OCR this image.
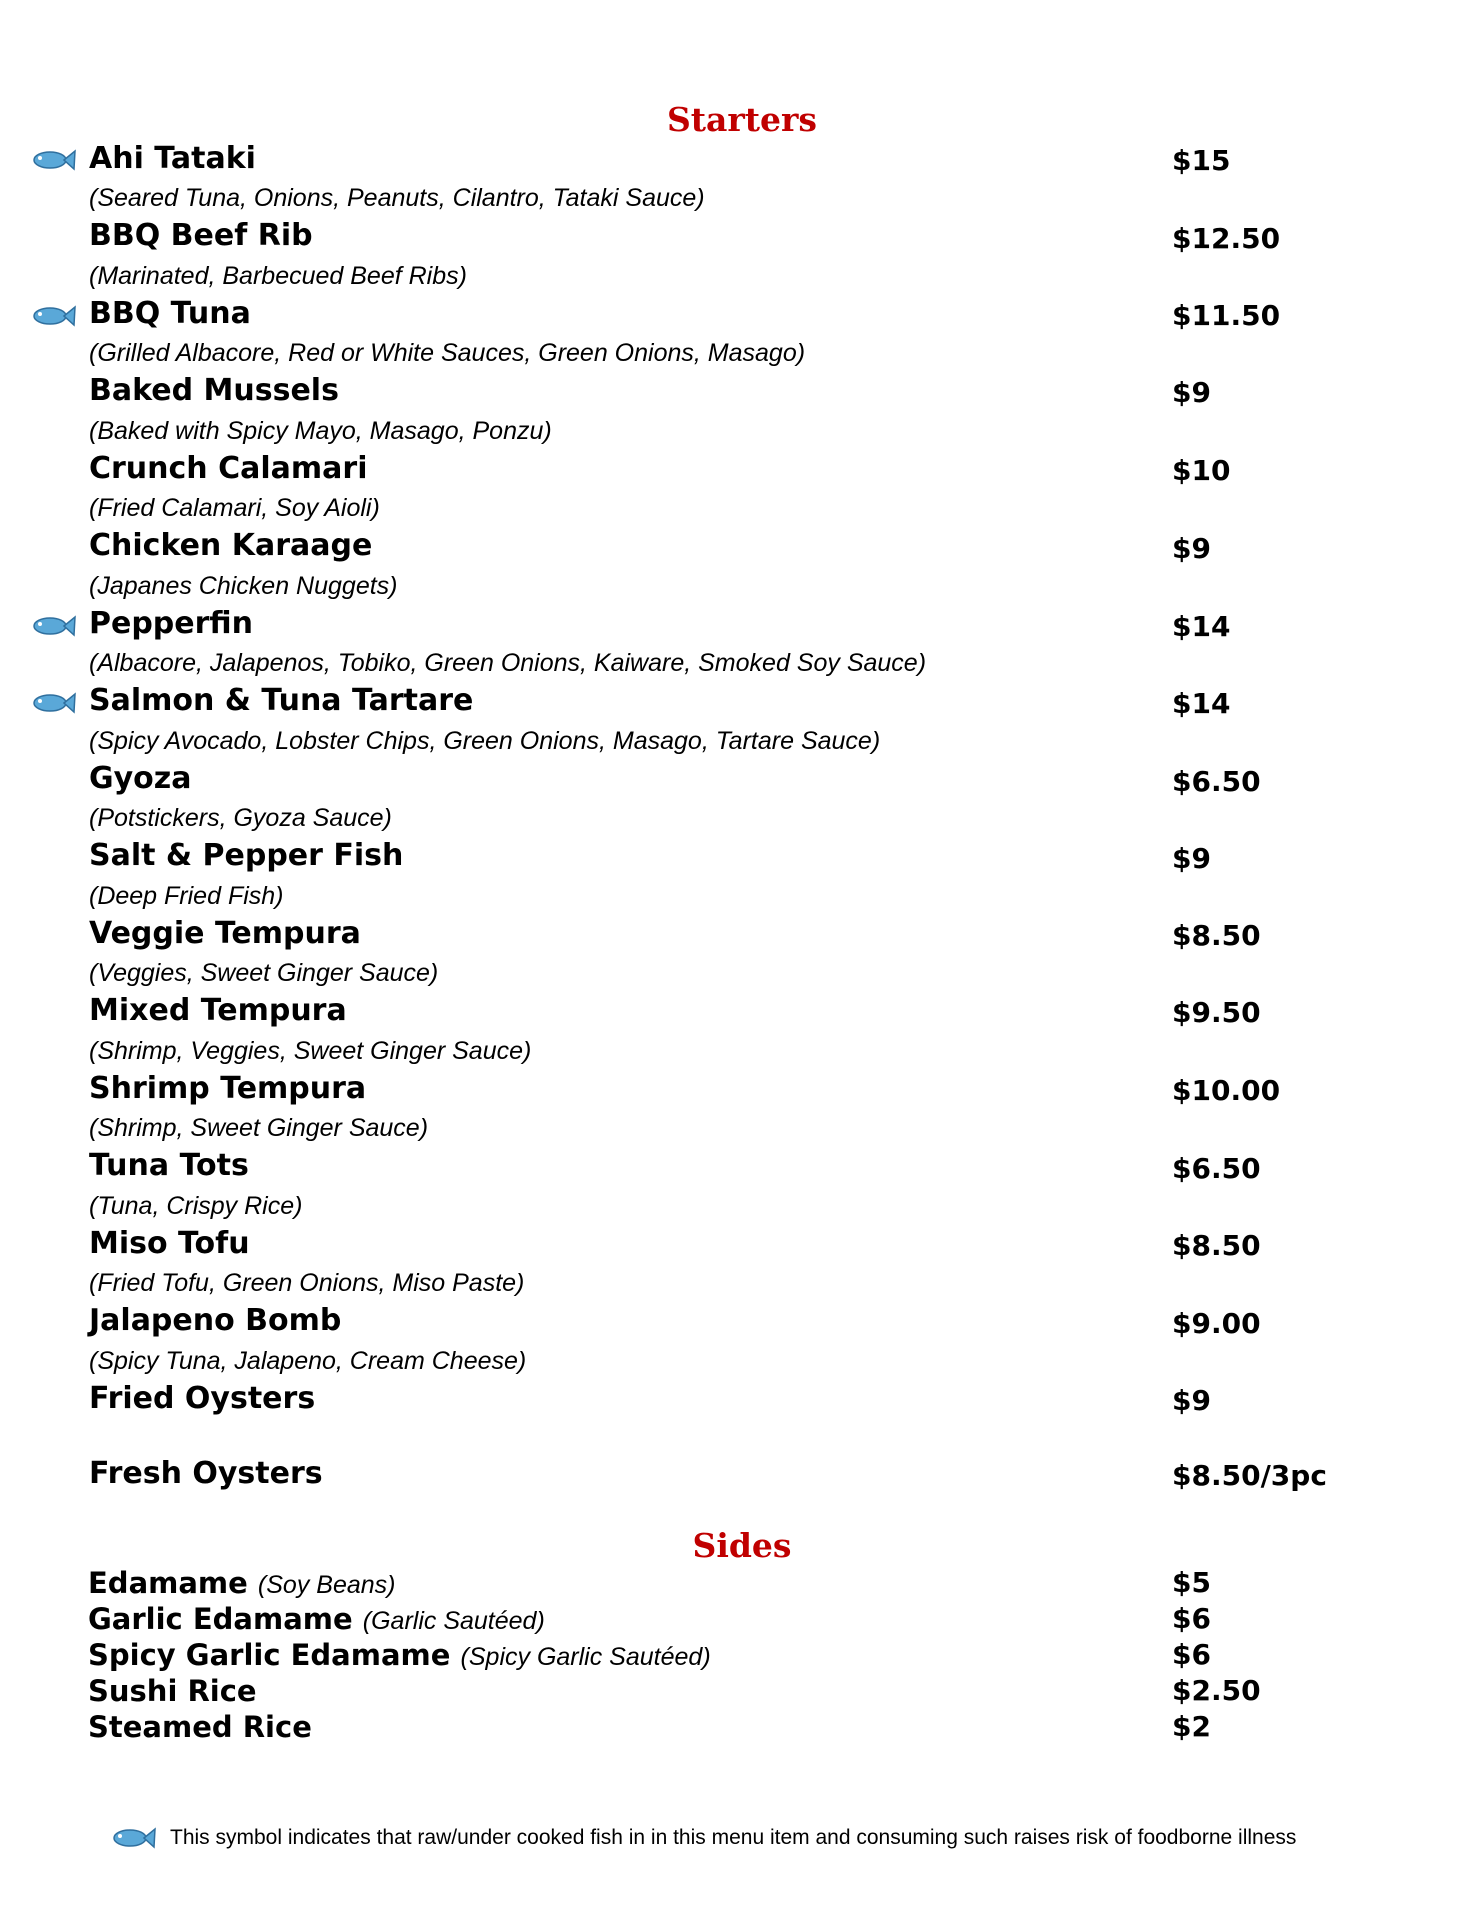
Starters
Ahi Tataki
(Seared Tuna, Onions, Peanuts, Cilantro, Tataki Sauce)
$15
BBQ Beef Rib
(Marinated, Barbecued Beef Ribs)
$12.50
BBQ Tuna
(Grilled Albacore, Red or White Sauces, Green Onions, Masago)
$11.50
Baked Mussels
(Baked with Spicy Mayo, Masago, Ponzu)
$9
Crunch Calamari
(Fried Calamari, Soy Aioli)
$10
Chicken Karaage
(Japanes Chicken Nuggets)
$9
Pepperfin
(Albacore, Jalapenos, Tobiko, Green Onions, Kaiware, Smoked Soy Sauce)
$14
Salmon & Tuna Tartare
(Spicy Avocado, Lobster Chips, Green Onions, Masago, Tartare Sauce)
$14
Gyoza
(Potstickers, Gyoza Sauce)
$6.50
Salt & Pepper Fish
(Deep Fried Fish)
$9
Veggie Tempura
(Veggies, Sweet Ginger Sauce)
$8.50
Mixed Tempura
(Shrimp, Veggies, Sweet Ginger Sauce)
$9.50
Shrimp Tempura
(Shrimp, Sweet Ginger Sauce)
$10.00
Tuna Tots
(Tuna, Crispy Rice)
$6.50
Miso Tofu
(Fried Tofu, Green Onions, Miso Paste)
$8.50
Jalapeno Bomb
(Spicy Tuna, Jalapeno, Cream Cheese)
$9.00
Fried Oysters	$9
Fresh Oysters	$8.50/3pc
Sides
Edamame (Soy Beans)	$5
Garlic Edamame (Garlic Sautéed)	$6
Spicy Garlic Edamame (Spicy Garlic Sautéed)	$6
Sushi Rice	$2.50
Steamed Rice	$2
This symbol indicates that raw/under cooked fish in in this menu item and consuming such raises risk of foodborne illness
